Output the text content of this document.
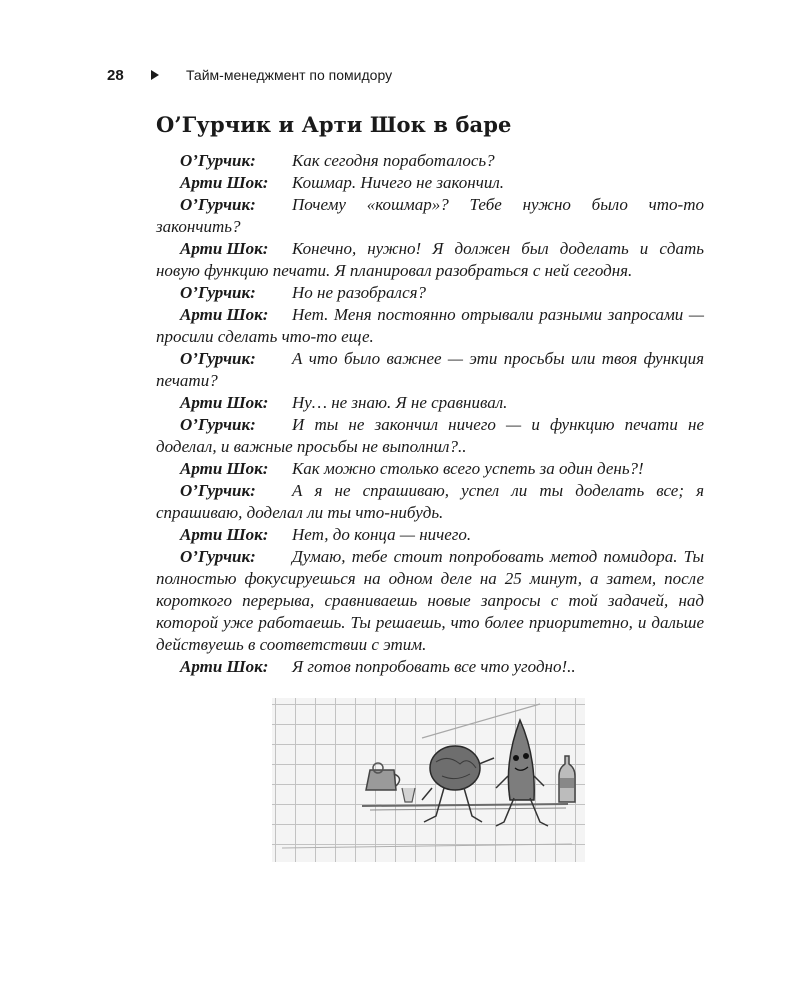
28	Тайм-менеджмент по помидору
О’Гурчик и Арти Шок в баре

О’Гурчик: Как сегодня поработалось?

Арти Шок: Кошмар. Ничего не закончил.

О’Гурчик: Почему «кошмар»? Тебе нужно было что-то закончить?

Арти Шок: Конечно, нужно! Я должен был доделать и сдать новую функцию печати. Я планировал разобраться с ней сегодня.

О’Гурчик: Но не разобрался?

Арти Шок: Нет. Меня постоянно отрывали разными запросами — просили сделать что-то еще.

О’Гурчик: А что было важнее — эти просьбы или твоя функция печати?

Арти Шок: Ну… не знаю. Я не сравнивал.

О’Гурчик: И ты не закончил ничего — и функцию печати не доделал, и важные просьбы не выполнил?..

Арти Шок: Как можно столько всего успеть за один день?!

О’Гурчик: А я не спрашиваю, успел ли ты доделать все; я спрашиваю, доделал ли ты что-нибудь.

Арти Шок: Нет, до конца — ничего.

О’Гурчик: Думаю, тебе стоит попробовать метод помидора. Ты полностью фокусируешься на одном деле на 25 минут, а затем, после короткого перерыва, сравниваешь новые запросы с той задачей, над которой уже работаешь. Ты решаешь, что более приоритетно, и дальше действуешь в соответствии с этим.

Арти Шок: Я готов попробовать все что угодно!..
